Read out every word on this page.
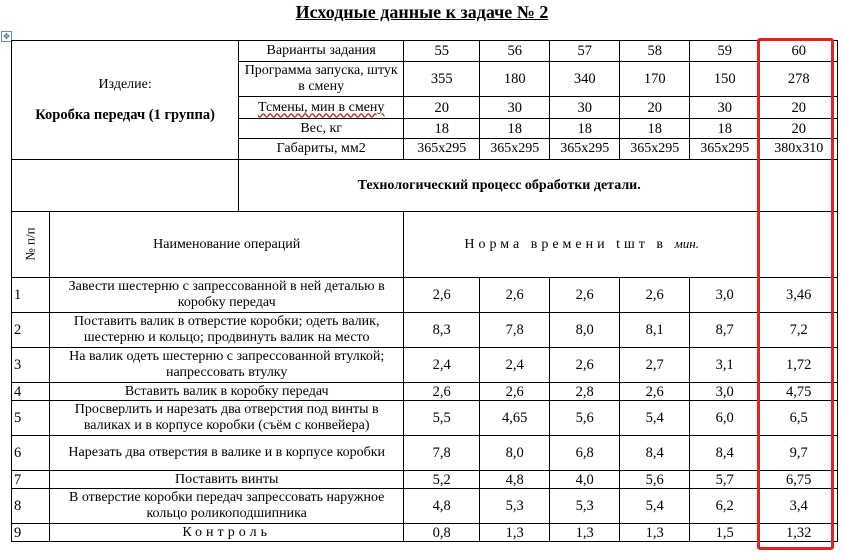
Исходные данные к задаче № 2
✥
Изделие:
Коробка передач (1 группа)		Варианты задания	55	56	57	58	59	60
		Программа запуска, штук в смену	355	180	340	170	150	278
		Тсмены, мин в смену	20	30	30	20	30	20
		Вес, кг	18	18	18	18	18	20
		Габариты, мм2	365x295	365x295	365x295	365x295	365x295	380x310
		Технологический процесс обработки детали.						
№ п/п	Наименование операций		Норма времени tшт в мин.					
1	Завести шестерню с запрессованной в ней деталью в коробку передач		2,6	2,6	2,6	2,6	3,0	3,46
2	Поставить валик в отверстие коробки; одеть валик, шестерню и кольцо; продвинуть валик на место		8,3	7,8	8,0	8,1	8,7	7,2
3	На валик одеть шестерню с запрессованной втулкой; напрессовать втулку		2,4	2,4	2,6	2,7	3,1	1,72
4	Вставить валик в коробку передач		2,6	2,6	2,8	2,6	3,0	4,75
5	Просверлить и нарезать два отверстия под винты в валиках и в корпусе коробки (съём с конвейера)		5,5	4,65	5,6	5,4	6,0	6,5
6	Нарезать два отверстия в валике и в корпусе коробки		7,8	8,0	6,8	8,4	8,4	9,7
7	Поставить винты		5,2	4,8	4,0	5,6	5,7	6,75
8	В отверстие коробки передач запрессовать наружное кольцо роликоподшипника		4,8	5,3	5,3	5,4	6,2	3,4
9	Контроль		0,8	1,3	1,3	1,3	1,5	1,32
